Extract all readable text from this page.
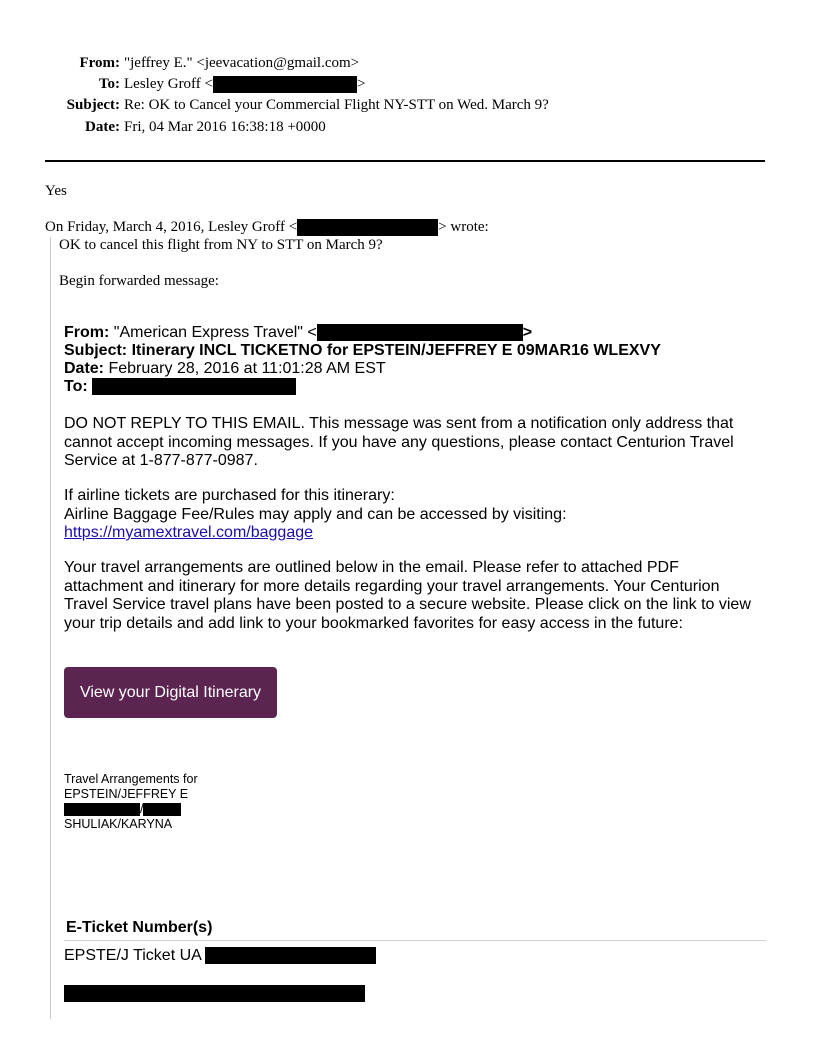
From: "jeffrey E." <jeevacation@gmail.com>
To: Lesley Groff <	>
Subject: Re: OK to Cancel your Commercial Flight NY-STT on Wed. March 9?
Date: Fri, 04 Mar 2016 16:38:18 +0000
Yes
On Friday, March 4, 2016, Lesley Groff <	> wrote:
OK to cancel this flight from NY to STT on March 9?
Begin forwarded message:
From: "American Express Travel" <	>
Subject: Itinerary INCL TICKETNO for EPSTEIN/JEFFREY E 09MAR16 WLEXVY
Date: February 28, 2016 at 11:01:28 AM EST
To:
DO NOT REPLY TO THIS EMAIL. This message was sent from a notification only address that
cannot accept incoming messages. If you have any questions, please contact Centurion Travel
Service at 1-877-877-0987.
If airline tickets are purchased for this itinerary:
Airline Baggage Fee/Rules may apply and can be accessed by visiting:
https://myamextravel.com/baggage
Your travel arrangements are outlined below in the email. Please refer to attached PDF
attachment and itinerary for more details regarding your travel arrangements. Your Centurion
Travel Service travel plans have been posted to a secure website. Please click on the link to view
your trip details and add link to your bookmarked favorites for easy access in the future:
View your Digital Itinerary
Travel Arrangements for
EPSTEIN/JEFFREY E
/
SHULIAK/KARYNA
E-Ticket Number(s)
EPSTE/J Ticket UA
